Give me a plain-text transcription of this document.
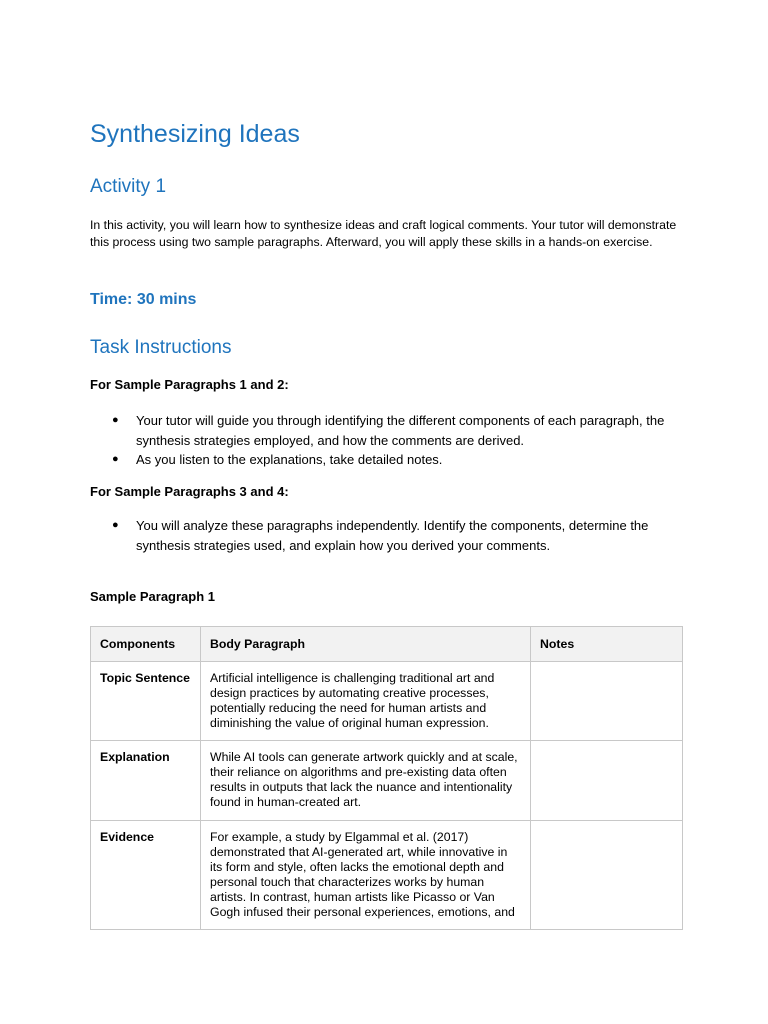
Synthesizing Ideas
Activity 1

In this activity, you will learn how to synthesize ideas and craft logical comments. Your tutor will demonstrate this process using two sample paragraphs. Afterward, you will apply these skills in a hands-on exercise.

Time: 30 mins
Task Instructions
For Sample Paragraphs 1 and 2:
● Your tutor will guide you through identifying the different components of each paragraph, the synthesis strategies employed, and how the comments are derived.
● As you listen to the explanations, take detailed notes.
For Sample Paragraphs 3 and 4:
● You will analyze these paragraphs independently. Identify the components, determine the synthesis strategies used, and explain how you derived your comments.
Sample Paragraph 1
Components	Body Paragraph	Notes
Topic Sentence	Artificial intelligence is challenging traditional art and design practices by automating creative processes, potentially reducing the need for human artists and diminishing the value of original human expression.	
Explanation	While AI tools can generate artwork quickly and at scale, their reliance on algorithms and pre-existing data often results in outputs that lack the nuance and intentionality found in human-created art.	
Evidence	For example, a study by Elgammal et al. (2017) demonstrated that AI-generated art, while innovative in its form and style, often lacks the emotional depth and personal touch that characterizes works by human artists. In contrast, human artists like Picasso or Van Gogh infused their personal experiences, emotions, and	
